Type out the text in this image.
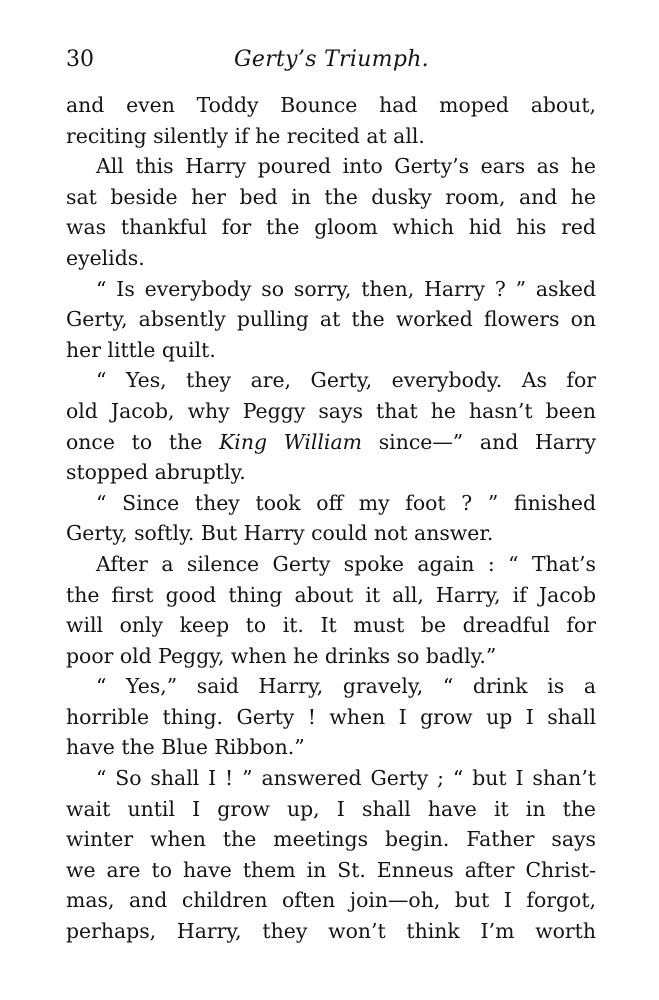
30	Gerty’s Triumph.
and even Toddy Bounce had moped about,
reciting silently if he recited at all.
All this Harry poured into Gerty’s ears as he
sat beside her bed in the dusky room, and he
was thankful for the gloom which hid his red
eyelids.
“ Is everybody so sorry, then, Harry ? ” asked
Gerty, absently pulling at the worked flowers on
her little quilt.
“ Yes, they are, Gerty, everybody. As for
old Jacob, why Peggy says that he hasn’t been
once to the King William since—” and Harry
stopped abruptly.
“ Since they took off my foot ? ” finished
Gerty, softly. But Harry could not answer.
After a silence Gerty spoke again : “ That’s
the first good thing about it all, Harry, if Jacob
will only keep to it. It must be dreadful for
poor old Peggy, when he drinks so badly.”
“ Yes,” said Harry, gravely, “ drink is a
horrible thing. Gerty ! when I grow up I shall
have the Blue Ribbon.”
“ So shall I ! ” answered Gerty ; “ but I shan’t
wait until I grow up, I shall have it in the
winter when the meetings begin. Father says
we are to have them in St. Enneus after Christ-
mas, and children often join—oh, but I forgot,
perhaps, Harry, they won’t think I’m worth
